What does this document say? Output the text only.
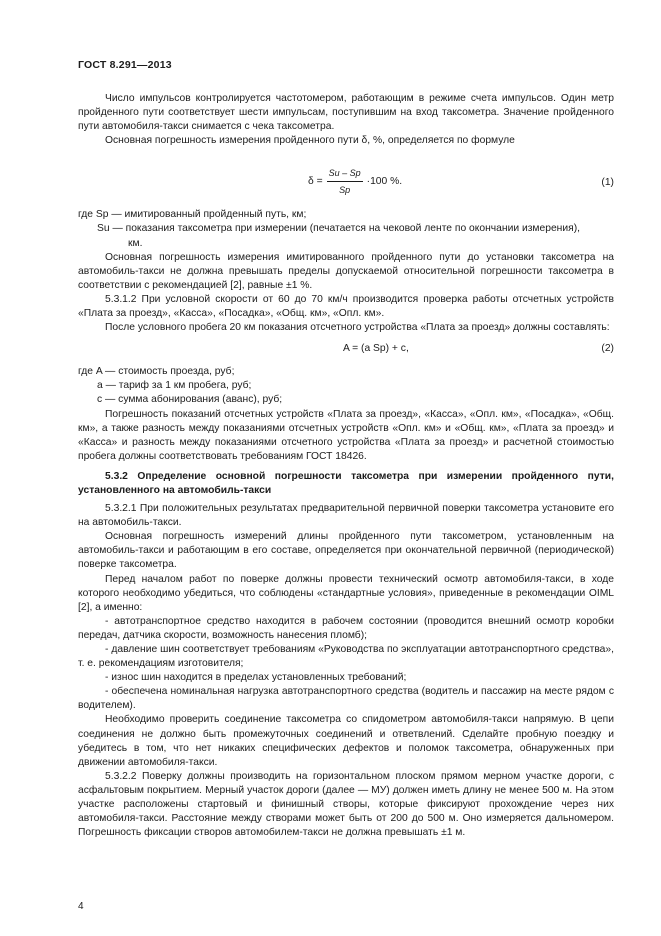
ГОСТ 8.291—2013

Число импульсов контролируется частотомером, работающим в режиме счета импульсов. Один метр пройденного пути соответствует шести импульсам, поступившим на вход таксометра. Значение пройденного пути автомобиля-такси снимается с чека таксометра.

Основная погрешность измерения пройденного пути δ, %, определяется по формуле

$\delta = \frac{Su - Sp}{Sp} \cdot 100$ %.	(1)

где Sp — имитированный пройденный путь, км;

Su — показания таксометра при измерении (печатается на чековой ленте по окончании измерения),

км.

Основная погрешность измерения имитированного пройденного пути до установки таксометра на автомобиль-такси не должна превышать пределы допускаемой относительной погрешности таксометра в соответствии с рекомендацией [2], равные ±1 %.

5.3.1.2 При условной скорости от 60 до 70 км/ч производится проверка работы отсчетных устройств «Плата за проезд», «Касса», «Посадка», «Общ. км», «Опл. км».

После условного пробега 20 км показания отсчетного устройства «Плата за проезд» должны составлять:

A = (a Sp) + c,	(2)

где A — стоимость проезда, руб;

a — тариф за 1 км пробега, руб;

c — сумма абонирования (аванс), руб;

Погрешность показаний отсчетных устройств «Плата за проезд», «Касса», «Опл. км», «Посадка», «Общ. км», а также разность между показаниями отсчетных устройств «Опл. км» и «Общ. км», «Плата за проезд» и «Касса» и разность между показаниями отсчетного устройства «Плата за проезд» и расчетной стоимостью пробега должны соответствовать требованиям ГОСТ 18426.

5.3.2 Определение основной погрешности таксометра при измерении пройденного пути, установленного на автомобиль-такси

5.3.2.1 При положительных результатах предварительной первичной поверки таксометра установите его на автомобиль-такси.

Основная погрешность измерений длины пройденного пути таксометром, установленным на автомобиль-такси и работающим в его составе, определяется при окончательной первичной (периодической) поверке таксометра.

Перед началом работ по поверке должны провести технический осмотр автомобиля-такси, в ходе которого необходимо убедиться, что соблюдены «стандартные условия», приведенные в рекомендации OIML [2], а именно:

- автотранспортное средство находится в рабочем состоянии (проводится внешний осмотр коробки передач, датчика скорости, возможность нанесения пломб);

- давление шин соответствует требованиям «Руководства по эксплуатации автотранспортного средства», т. е. рекомендациям изготовителя;

- износ шин находится в пределах установленных требований;

- обеспечена номинальная нагрузка автотранспортного средства (водитель и пассажир на месте рядом с водителем).

Необходимо проверить соединение таксометра со спидометром автомобиля-такси напрямую. В цепи соединения не должно быть промежуточных соединений и ответвлений. Сделайте пробную поездку и убедитесь в том, что нет никаких специфических дефектов и поломок таксометра, обнаруженных при движении автомобиля-такси.

5.3.2.2 Поверку должны производить на горизонтальном плоском прямом мерном участке дороги, с асфальтовым покрытием. Мерный участок дороги (далее — МУ) должен иметь длину не менее 500 м. На этом участке расположены стартовый и финишный створы, которые фиксируют прохождение через них автомобиля-такси. Расстояние между створами может быть от 200 до 500 м. Оно измеряется дальномером. Погрешность фиксации створов автомобилем-такси не должна превышать ±1 м.

4
